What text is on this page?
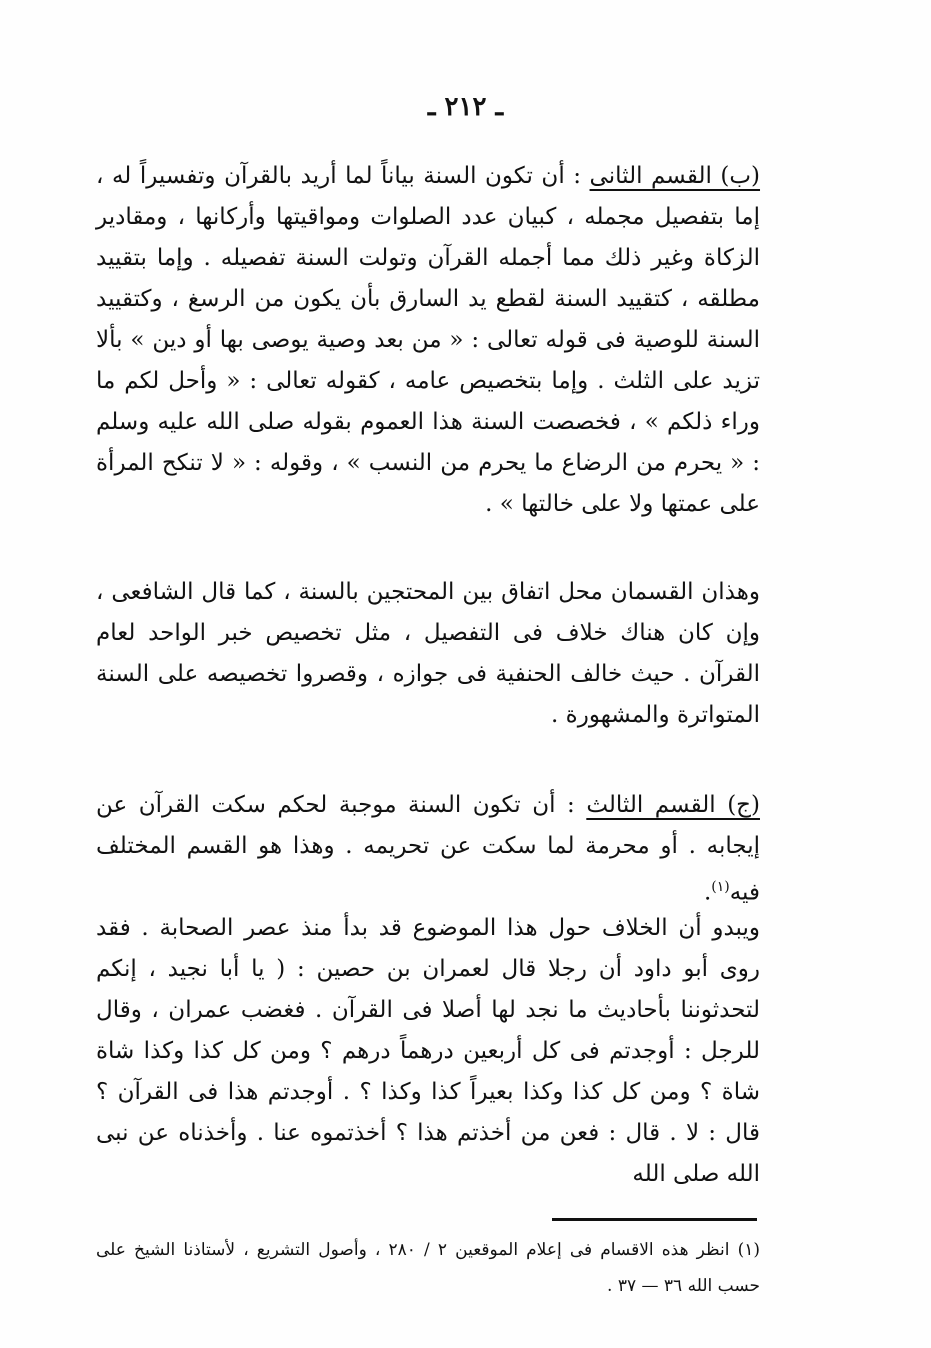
ـ ٢١٢ ـ

(ب) القسم الثانى : أن تكون السنة بياناً لما أريد بالقرآن وتفسيراً له ، إما بتفصيل مجمله ، كبيان عدد الصلوات ومواقيتها وأركانها ، ومقادير الزكاة وغير ذلك مما أجمله القرآن وتولت السنة تفصيله . وإما بتقييد مطلقه ، كتقييد السنة لقطع يد السارق بأن يكون من الرسغ ، وكتقييد السنة للوصية فى قوله تعالى : « من بعد وصية يوصى بها أو دين » بألا تزيد على الثلث . وإما بتخصيص عامه ، كقوله تعالى : « وأحل لكم ما وراء ذلكم » ، فخصصت السنة هذا العموم بقوله صلى الله عليه وسلم : « يحرم من الرضاع ما يحرم من النسب » ، وقوله : « لا تنكح المرأة على عمتها ولا على خالتها » .

وهذان القسمان محل اتفاق بين المحتجين بالسنة ، كما قال الشافعى ، وإن كان هناك خلاف فى التفصيل ، مثل تخصيص خبر الواحد لعام القرآن . حيث خالف الحنفية فى جوازه ، وقصروا تخصيصه على السنة المتواترة والمشهورة .

(ج) القسم الثالث : أن تكون السنة موجبة لحكم سكت القرآن عن إيجابه . أو محرمة لما سكت عن تحريمه . وهذا هو القسم المختلف فيه$^{(١)}$.

ويبدو أن الخلاف حول هذا الموضوع قد بدأ منذ عصر الصحابة . فقد روى أبو داود أن رجلا قال لعمران بن حصين : ( يا أبا نجيد ، إنكم لتحدثوننا بأحاديث ما نجد لها أصلا فى القرآن . فغضب عمران ، وقال للرجل : أوجدتم فى كل أربعين درهماً درهم ؟ ومن كل كذا وكذا شاة شاة ؟ ومن كل كذا وكذا بعيراً كذا وكذا ؟ . أوجدتم هذا فى القرآن ؟ قال : لا . قال : فعن من أخذتم هذا ؟ أخذتموه عنا . وأخذناه عن نبى الله صلى الله

(١) انظر هذه الاقسام فى إعلام الموقعين ٢ / ٢٨٠ ، وأصول التشريع ، لأستاذنا الشيخ على حسب الله ٣٦ — ٣٧ .
